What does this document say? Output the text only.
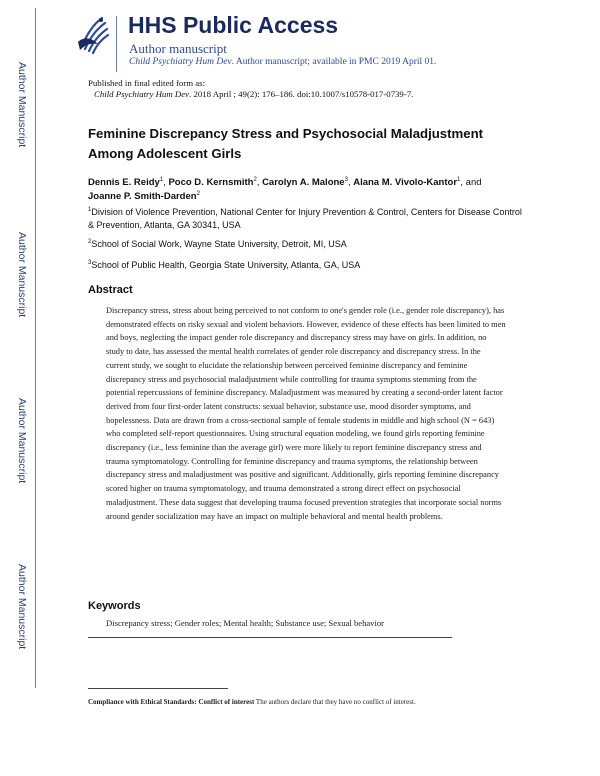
Author Manuscript
Author Manuscript
Author Manuscript
Author Manuscript
HHS Public Access
Author manuscript
Child Psychiatry Hum Dev. Author manuscript; available in PMC 2019 April 01.
Published in final edited form as:
Child Psychiatry Hum Dev. 2018 April ; 49(2): 176–186. doi:10.1007/s10578-017-0739-7.
Feminine Discrepancy Stress and Psychosocial Maladjustment Among Adolescent Girls
Dennis E. Reidy$^1$, Poco D. Kernsmith$^2$, Carolyn A. Malone$^3$, Alana M. Vivolo-Kantor$^1$, and
Joanne P. Smith-Darden$^2$
$^1$Division of Violence Prevention, National Center for Injury Prevention & Control, Centers for Disease Control & Prevention, Atlanta, GA 30341, USA
$^2$School of Social Work, Wayne State University, Detroit, MI, USA
$^3$School of Public Health, Georgia State University, Atlanta, GA, USA
Abstract
Discrepancy stress, stress about being perceived to not conform to one's gender role (i.e., gender role discrepancy), has demonstrated effects on risky sexual and violent behaviors. However, evidence of these effects has been limited to men and boys, neglecting the impact gender role discrepancy and discrepancy stress may have on girls. In addition, no study to date, has assessed the mental health correlates of gender role discrepancy and discrepancy stress. In the current study, we sought to elucidate the relationship between perceived feminine discrepancy and feminine discrepancy stress and psychosocial maladjustment while controlling for trauma symptoms stemming from the potential repercussions of feminine discrepancy. Maladjustment was measured by creating a second-order latent factor derived from four first-order latent constructs: sexual behavior, substance use, mood disorder symptoms, and hopelessness. Data are drawn from a cross-sectional sample of female students in middle and high school (N = 643) who completed self-report questionnaires. Using structural equation modeling, we found girls reporting feminine discrepancy (i.e., less feminine than the average girl) were more likely to report feminine discrepancy stress and trauma symptomatology. Controlling for feminine discrepancy and trauma symptoms, the relationship between discrepancy stress and maladjustment was positive and significant. Additionally, girls reporting feminine discrepancy scored higher on trauma symptomatology, and trauma demonstrated a strong direct effect on psychosocial maladjustment. These data suggest that developing trauma focused prevention strategies that incorporate social norms around gender socialization may have an impact on multiple behavioral and mental health problems.
Keywords
Discrepancy stress; Gender roles; Mental health; Substance use; Sexual behavior
Compliance with Ethical Standards: Conflict of interest The authors declare that they have no conflict of interest.
